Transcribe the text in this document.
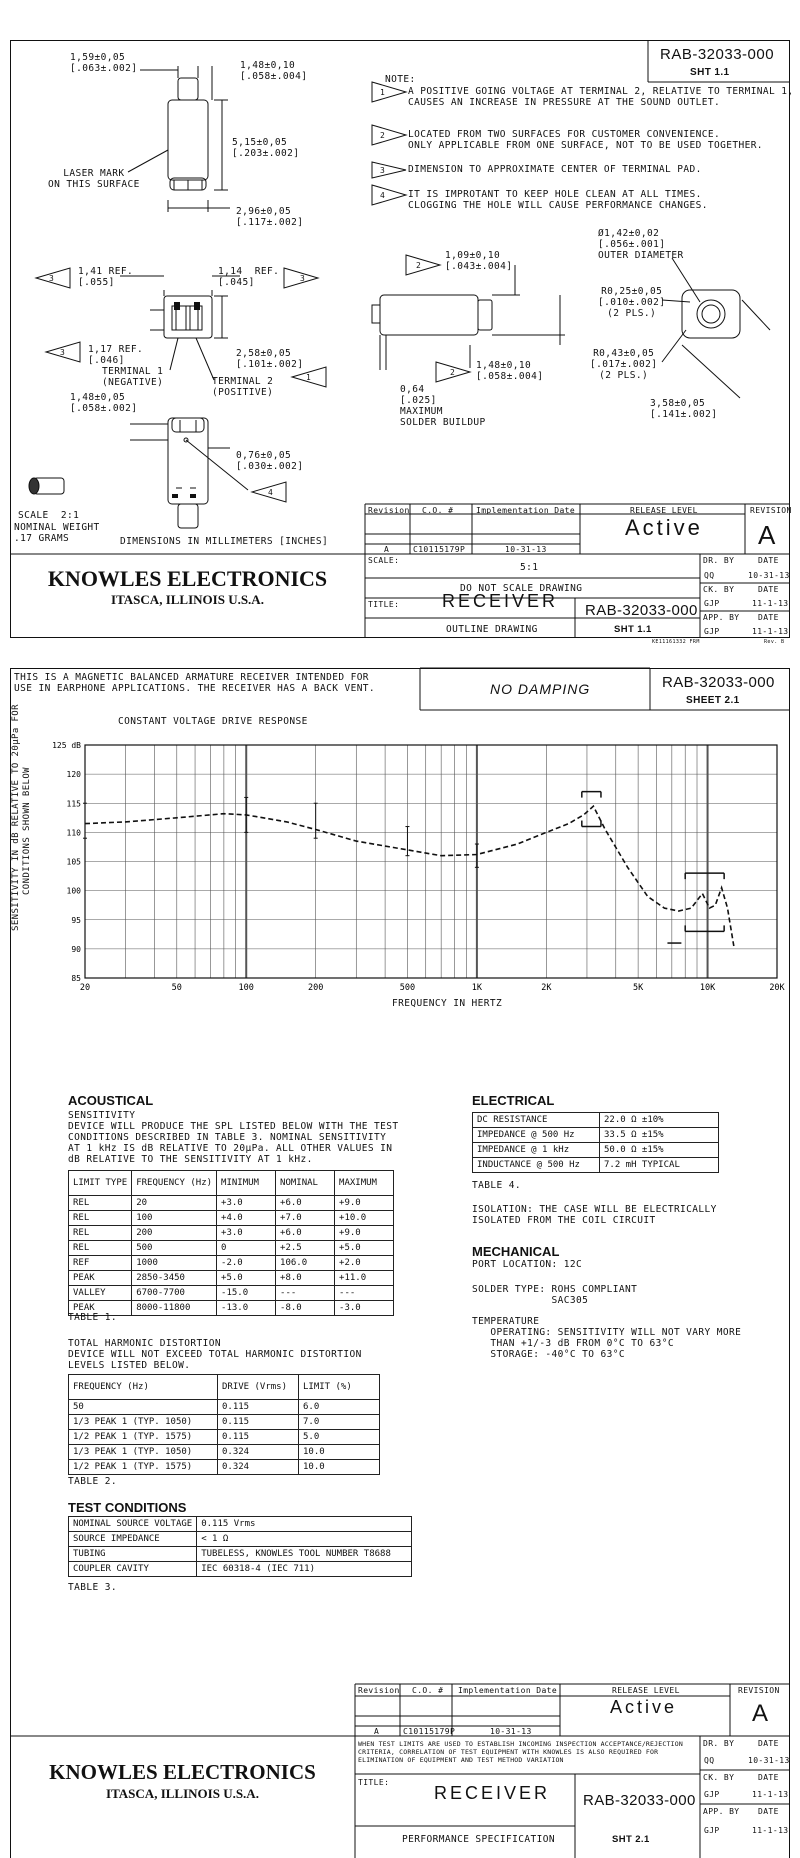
RAB-32033-000
SHT 1.1
NOTE:
A POSITIVE GOING VOLTAGE AT TERMINAL 2, RELATIVE TO TERMINAL 1,
CAUSES AN INCREASE IN PRESSURE AT THE SOUND OUTLET.
1
LOCATED FROM TWO SURFACES FOR CUSTOMER CONVENIENCE.
ONLY APPLICABLE FROM ONE SURFACE, NOT TO BE USED TOGETHER.
2
DIMENSION TO APPROXIMATE CENTER OF TERMINAL PAD.
3
IT IS IMPROTANT TO KEEP HOLE CLEAN AT ALL TIMES.
CLOGGING THE HOLE WILL CAUSE PERFORMANCE CHANGES.
4
1,59±0,05
[.063±.002]	1,48±0,10
[.058±.004]
5,15±0,05
[.203±.002]
LASER MARK
ON THIS SURFACE
2,96±0,05
[.117±.002]
1,41 REF.
[.055]
3
1,14  REF.
[.045]	3
1,17 REF.
[.046]
3	2,58±0,05
[.101±.002]
TERMINAL 1
(NEGATIVE)	TERMINAL 2
(POSITIVE)
1
1,48±0,05
[.058±.002]
0,76±0,05
[.030±.002]
4
1,09±0,10
[.043±.004]
2
1,48±0,10
[.058±.004]
2
0,64
[.025]
MAXIMUM
SOLDER BUILDUP
Ø1,42±0,02
[.056±.001]
OUTER DIAMETER
R0,25±0,05
[.010±.002]
(2 PLS.)
R0,43±0,05
[.017±.002]
(2 PLS.)
3,58±0,05
[.141±.002]
SCALE  2:1
NOMINAL WEIGHT
.17 GRAMS	DIMENSIONS IN MILLIMETERS [INCHES]
Revision C.O. #	Implementation Date
A	C10115179P	10-31-13
RELEASE LEVEL
Active
REVISION
A
KNOWLES ELECTRONICS
ITASCA, ILLINOIS U.S.A.
SCALE:
5:1
DO NOT SCALE DRAWING
TITLE: RECEIVER
OUTLINE DRAWING
RAB-32033-000
SHT 1.1
DR. BY	DATE
QQ	10-31-13
CK. BY	DATE
GJP	11-1-13
APP. BY DATE
GJP	11-1-13
KE11161332 FRM	Rev. B
THIS IS A MAGNETIC BALANCED ARMATURE RECEIVER INTENDED FOR
USE IN EARPHONE APPLICATIONS. THE RECEIVER HAS A BACK VENT.	NO DAMPING	RAB-32033-000
SHEET 2.1
CONSTANT VOLTAGE DRIVE RESPONSE
SENSITIVITY IN dB RELATIVE TO 20μPa FOR
CONDITIONS SHOWN BELOW
FREQUENCY IN HERTZ
85
90
95
100
105
110
115
120
125 dB
20	50	100	200	500	1K	2K	5K	10K	20K
ACOUSTICAL
SENSITIVITY
DEVICE WILL PRODUCE THE SPL LISTED BELOW WITH THE TEST
CONDITIONS DESCRIBED IN TABLE 3. NOMINAL SENSITIVITY
AT 1 kHz IS dB RELATIVE TO 20μPa. ALL OTHER VALUES IN
dB RELATIVE TO THE SENSITIVITY AT 1 kHz.
LIMIT TYPE	FREQUENCY (Hz)	MINIMUM	NOMINAL	MAXIMUM
REL	20	+3.0	+6.0	+9.0
REL	100	+4.0	+7.0	+10.0
REL	200	+3.0	+6.0	+9.0
REL	500	0	+2.5	+5.0
REF	1000	-2.0	106.0	+2.0
PEAK	2850-3450	+5.0	+8.0	+11.0
VALLEY	6700-7700	-15.0	---	---
PEAK	8000-11800	-13.0	-8.0	-3.0
TABLE 1.
TOTAL HARMONIC DISTORTION
DEVICE WILL NOT EXCEED TOTAL HARMONIC DISTORTION
LEVELS LISTED BELOW.
FREQUENCY (Hz)	DRIVE (Vrms)	LIMIT (%)
50	0.115	6.0
1/3 PEAK 1 (TYP. 1050)	0.115	7.0
1/2 PEAK 1 (TYP. 1575)	0.115	5.0
1/3 PEAK 1 (TYP. 1050)	0.324	10.0
1/2 PEAK 1 (TYP. 1575)	0.324	10.0
TABLE 2.
TEST CONDITIONS
NOMINAL SOURCE VOLTAGE	0.115 Vrms
SOURCE IMPEDANCE	< 1 Ω
TUBING	TUBELESS, KNOWLES TOOL NUMBER T8688
COUPLER CAVITY	IEC 60318-4 (IEC 711)
TABLE 3.
ELECTRICAL
DC RESISTANCE	22.0 Ω ±10%
IMPEDANCE @ 500 Hz	33.5 Ω ±15%
IMPEDANCE @ 1 kHz	50.0 Ω ±15%
INDUCTANCE @ 500 Hz	7.2 mH TYPICAL
TABLE 4.
ISOLATION: THE CASE WILL BE ELECTRICALLY
ISOLATED FROM THE COIL CIRCUIT
MECHANICAL
PORT LOCATION: 12C
SOLDER TYPE: ROHS COMPLIANT
SAC305
TEMPERATURE
OPERATING: SENSITIVITY WILL NOT VARY MORE
THAN +1/-3 dB FROM 0°C TO 63°C
STORAGE: -40°C TO 63°C
Revision C.O. # Implementation Date
A	C10115179P	10-31-13
RELEASE LEVEL
Active
REVISION
A
KNOWLES ELECTRONICS
ITASCA, ILLINOIS U.S.A.
WHEN TEST LIMITS ARE USED TO ESTABLISH INCOMING INSPECTION ACCEPTANCE/REJECTION
CRITERIA, CORRELATION OF TEST EQUIPMENT WITH KNOWLES IS ALSO REQUIRED FOR
ELIMINATION OF EQUIPMENT AND TEST METHOD VARIATION
TITLE:
RECEIVER
PERFORMANCE SPECIFICATION
RAB-32033-000
SHT 2.1
DR. BY	DATE
QQ	10-31-13
CK. BY	DATE
GJP	11-1-13
APP. BY DATE
GJP	11-1-13
